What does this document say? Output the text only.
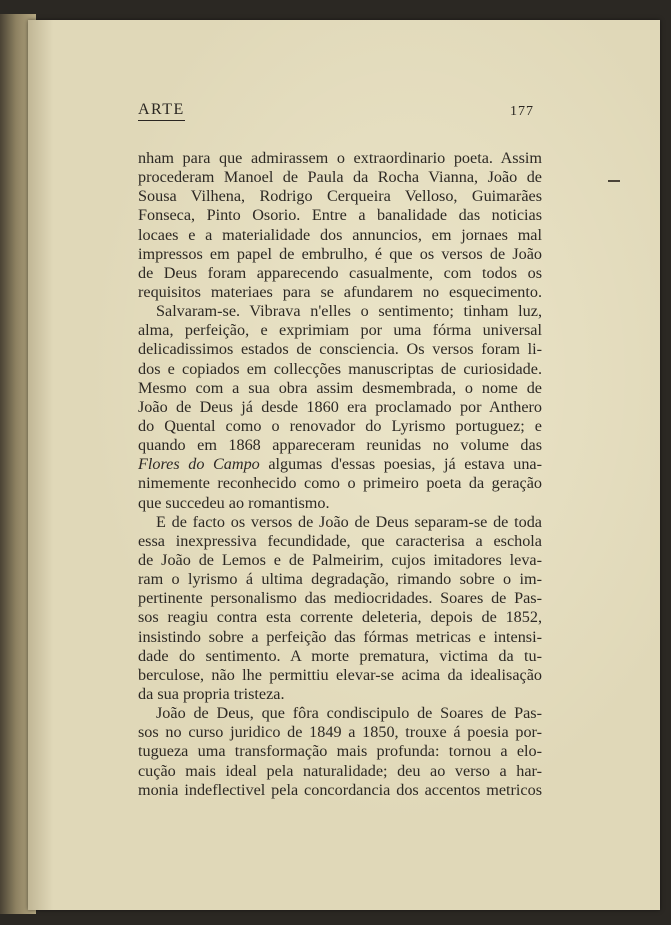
ARTE	177
nham para que admirassem o extraordinario poeta. Assim
procederam Manoel de Paula da Rocha Vianna, João de
Sousa Vilhena, Rodrigo Cerqueira Velloso, Guimarães
Fonseca, Pinto Osorio. Entre a banalidade das noticias
locaes e a materialidade dos annuncios, em jornaes mal
impressos em papel de embrulho, é que os versos de João
de Deus foram apparecendo casualmente, com todos os
requisitos materiaes para se afundarem no esquecimento.
Salvaram-se. Vibrava n'elles o sentimento; tinham luz,
alma, perfeição, e exprimiam por uma fórma universal
delicadissimos estados de consciencia. Os versos foram li-
dos e copiados em collecções manuscriptas de curiosidade.
Mesmo com a sua obra assim desmembrada, o nome de
João de Deus já desde 1860 era proclamado por Anthero
do Quental como o renovador do Lyrismo portuguez; e
quando em 1868 appareceram reunidas no volume das
Flores do Campo algumas d'essas poesias, já estava una-
nimemente reconhecido como o primeiro poeta da geração
que succedeu ao romantismo.
E de facto os versos de João de Deus separam-se de toda
essa inexpressiva fecundidade, que caracterisa a eschola
de João de Lemos e de Palmeirim, cujos imitadores leva-
ram o lyrismo á ultima degradação, rimando sobre o im-
pertinente personalismo das mediocridades. Soares de Pas-
sos reagiu contra esta corrente deleteria, depois de 1852,
insistindo sobre a perfeição das fórmas metricas e intensi-
dade do sentimento. A morte prematura, victima da tu-
berculose, não lhe permittiu elevar-se acima da idealisação
da sua propria tristeza.
João de Deus, que fôra condiscipulo de Soares de Pas-
sos no curso juridico de 1849 a 1850, trouxe á poesia por-
tugueza uma transformação mais profunda: tornou a elo-
cução mais ideal pela naturalidade; deu ao verso a har-
monia indeflectivel pela concordancia dos accentos metricos
